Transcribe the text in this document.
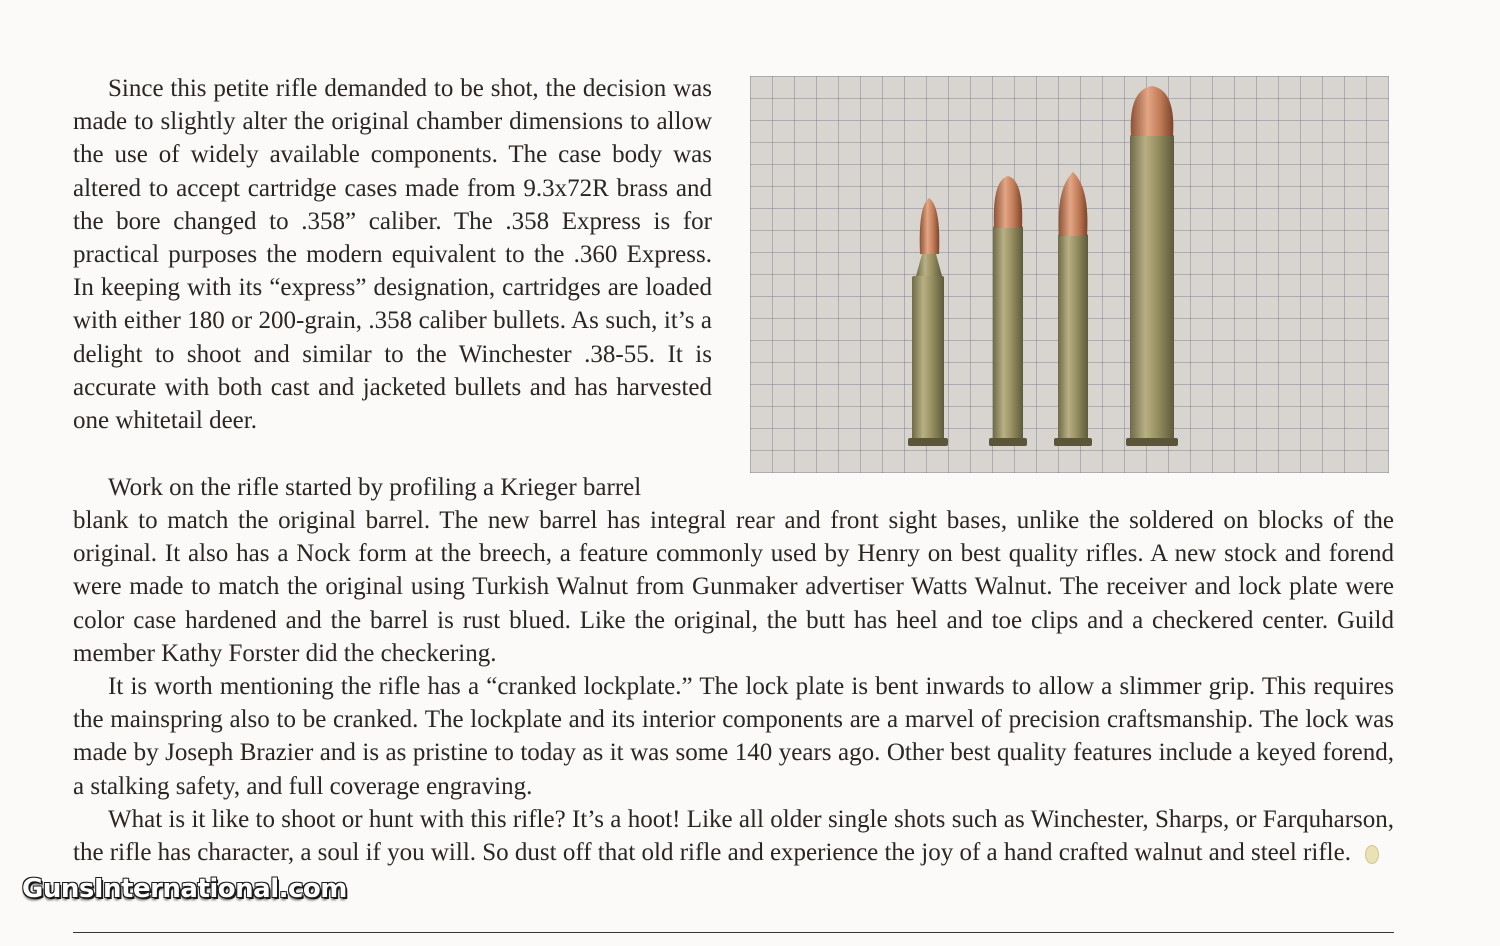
Since this petite rifle demanded to be shot, the decision was made to slightly alter the original chamber dimensions to allow the use of widely available components. The case body was altered to accept cartridge cases made from 9.3x72R brass and the bore changed to .358” caliber. The .358 Express is for practical purposes the modern equivalent to the .360 Express. In keeping with its “express” designation, cartridges are loaded with either 180 or 200-grain, .358 caliber bullets. As such, it’s a delight to shoot and similar to the Winchester .38-55. It is accurate with both cast and jacketed bullets and has harvested one whitetail deer.

Work on the rifle started by profiling a Krieger barrel

blank to match the original barrel. The new barrel has integral rear and front sight bases, unlike the soldered on blocks of the original. It also has a Nock form at the breech, a feature commonly used by Henry on best quality rifles. A new stock and forend were made to match the original using Turkish Walnut from Gunmaker advertiser Watts Walnut. The receiver and lock plate were color case hardened and the barrel is rust blued. Like the original, the butt has heel and toe clips and a checkered center. Guild member Kathy Forster did the checkering.

It is worth mentioning the rifle has a “cranked lockplate.” The lock plate is bent inwards to allow a slimmer grip. This requires the mainspring also to be cranked. The lockplate and its interior components are a marvel of precision craftsmanship. The lock was made by Joseph Brazier and is as pristine to today as it was some 140 years ago. Other best quality features include a keyed forend, a stalking safety, and full coverage engraving.

What is it like to shoot or hunt with this rifle? It’s a hoot! Like all older single shots such as Winchester, Sharps, or Farquharson, the rifle has character, a soul if you will. So dust off that old rifle and experience the joy of a hand crafted walnut and steel rifle.

GunsInternational.com
